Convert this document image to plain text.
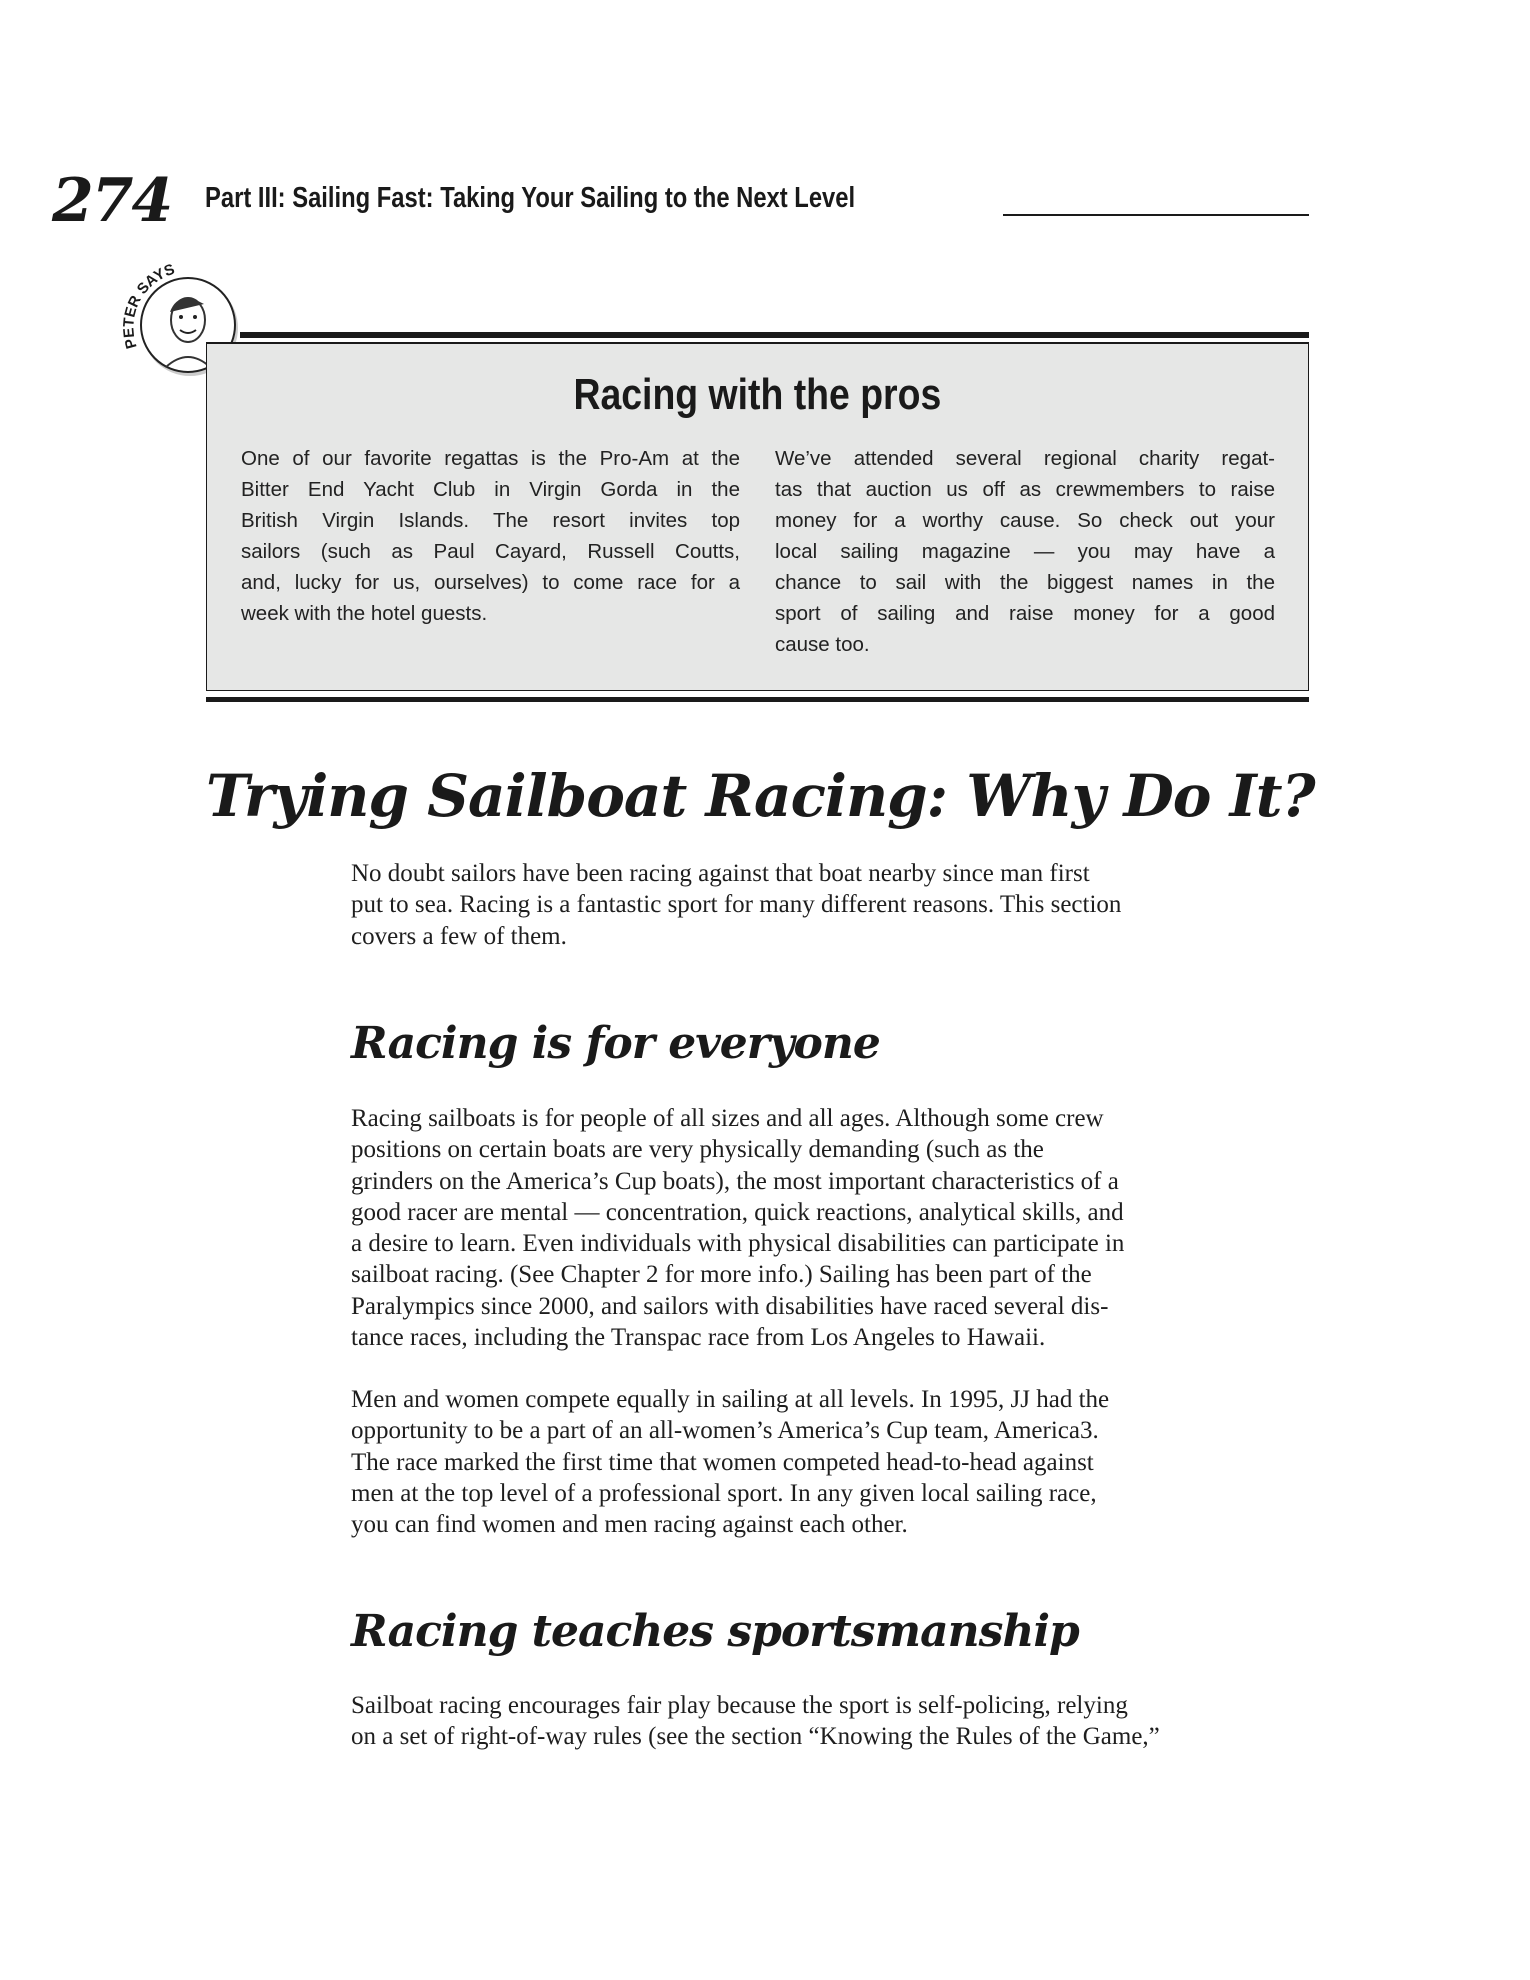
274 Part III: Sailing Fast: Taking Your Sailing to the Next Level
PETER SAYS
Racing with the pros
One of our favorite regattas is the Pro-Am at the
Bitter End Yacht Club in Virgin Gorda in the
British Virgin Islands. The resort invites top
sailors (such as Paul Cayard, Russell Coutts,
and, lucky for us, ourselves) to come race for a
week with the hotel guests.
We’ve attended several regional charity regat-
tas that auction us off as crewmembers to raise
money for a worthy cause. So check out your
local sailing magazine — you may have a
chance to sail with the biggest names in the
sport of sailing and raise money for a good
cause too.
Trying Sailboat Racing: Why Do It?
No doubt sailors have been racing against that boat nearby since man first
put to sea. Racing is a fantastic sport for many different reasons. This section
covers a few of them.
Racing is for everyone
Racing sailboats is for people of all sizes and all ages. Although some crew
positions on certain boats are very physically demanding (such as the
grinders on the America’s Cup boats), the most important characteristics of a
good racer are mental — concentration, quick reactions, analytical skills, and
a desire to learn. Even individuals with physical disabilities can participate in
sailboat racing. (See Chapter 2 for more info.) Sailing has been part of the
Paralympics since 2000, and sailors with disabilities have raced several dis-
tance races, including the Transpac race from Los Angeles to Hawaii.
Men and women compete equally in sailing at all levels. In 1995, JJ had the
opportunity to be a part of an all-women’s America’s Cup team, America3.
The race marked the first time that women competed head-to-head against
men at the top level of a professional sport. In any given local sailing race,
you can find women and men racing against each other.
Racing teaches sportsmanship
Sailboat racing encourages fair play because the sport is self-policing, relying
on a set of right-of-way rules (see the section “Knowing the Rules of the Game,”
